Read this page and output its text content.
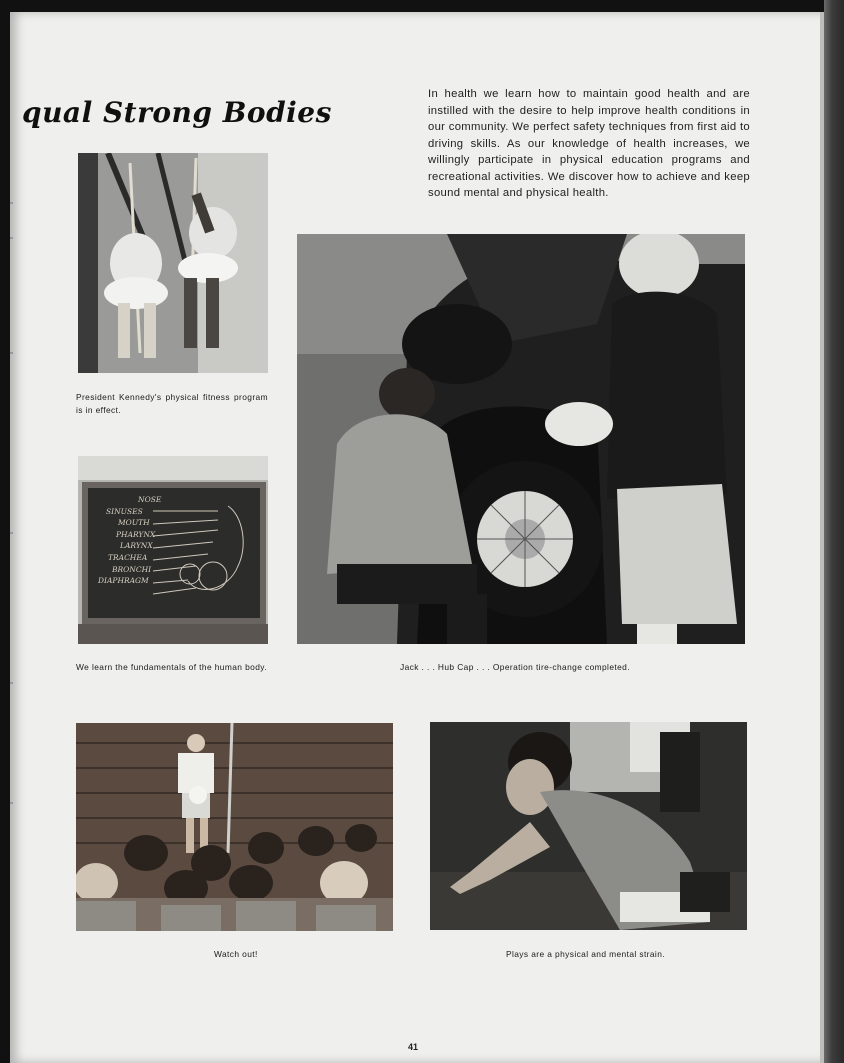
qual Strong Bodies

In health we learn how to maintain good health and are instilled with the desire to help improve health conditions in our community. We perfect safety techniques from first aid to driving skills. As our knowledge of health increases, we willingly participate in physical education programs and recreational activities. We discover how to achieve and keep sound mental and physical health.

President Kennedy's physical fitness program is in effect.

NOSE
SINUSES
MOUTH
PHARYNX
LARYNX
TRACHEA
BRONCHI
DIAPHRAGM

We learn the fundamentals of the human body.	Jack . . . Hub Cap . . . Operation tire-change completed.

Watch out!	Plays are a physical and mental strain.

41
